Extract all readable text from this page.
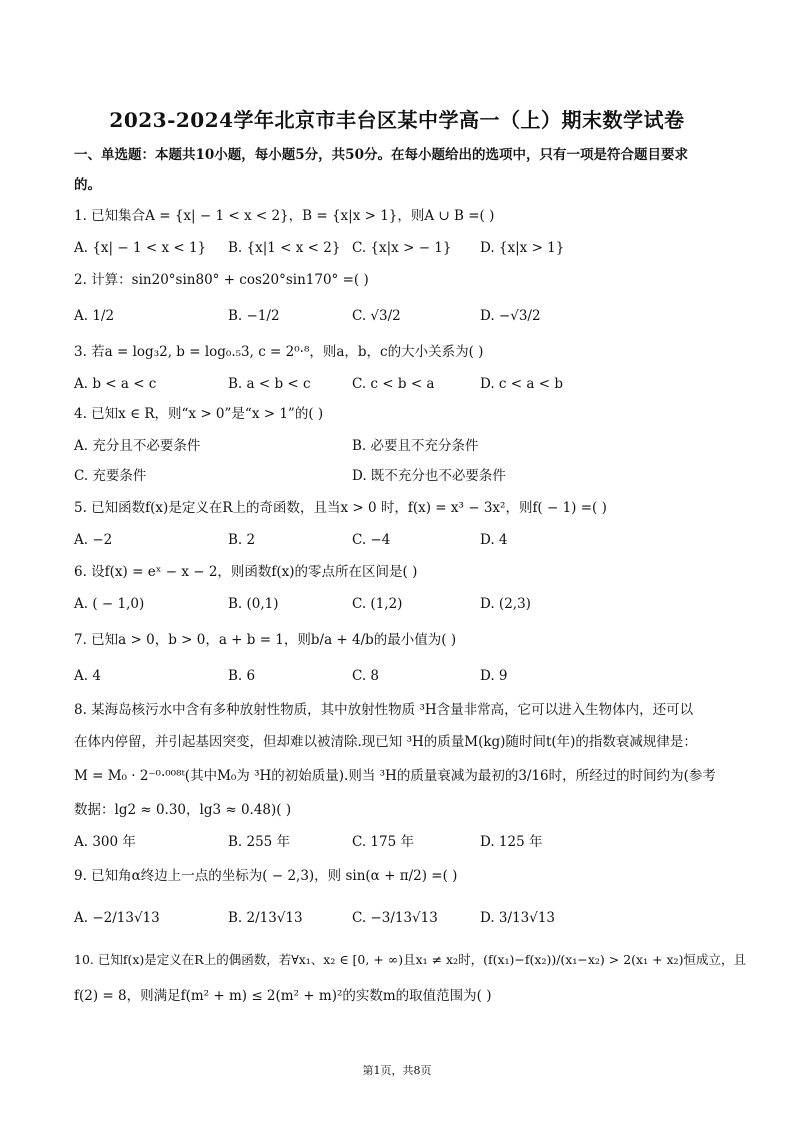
2023-2024学年北京市丰台区某中学高一（上）期末数学试卷
一、单选题：本题共10小题，每小题5分，共50分。在每小题给出的选项中，只有一项是符合题目要求
的。
1. 已知集合A = {x| − 1 < x < 2}，B = {x|x > 1}，则A ∪ B =( )
A. {x| − 1 < x < 1} B. {x|1 < x < 2} C. {x|x > − 1} D. {x|x > 1}
2. 计算：sin20°sin80° + cos20°sin170° =( )
A. 1/2	B. −1/2	C. √3/2	D. −√3/2
3. 若a = log₃2, b = log₀.₅3, c = 2⁰·⁸，则a，b，c的大小关系为( )
A. b < a < c	B. a < b < c	C. c < b < a	D. c < a < b
4. 已知x ∈ R，则“x > 0”是“x > 1”的( )
A. 充分且不必要条件	B. 必要且不充分条件
C. 充要条件	D. 既不充分也不必要条件
5. 已知函数f(x)是定义在R上的奇函数，且当x > 0 时，f(x) = x³ − 3x²，则f( − 1) =( )
A. −2	B. 2	C. −4	D. 4
6. 设f(x) = eˣ − x − 2，则函数f(x)的零点所在区间是( )
A. ( − 1,0)	B. (0,1)	C. (1,2)	D. (2,3)
7. 已知a > 0，b > 0，a + b = 1，则b/a + 4/b的最小值为( )
A. 4	B. 6	C. 8	D. 9
8. 某海岛核污水中含有多种放射性物质，其中放射性物质 ³H含量非常高，它可以进入生物体内，还可以
在体内停留，并引起基因突变，但却难以被清除.现已知 ³H的质量M(kg)随时间t(年)的指数衰减规律是：
M = M₀ · 2⁻⁰·⁰⁰⁸ᵗ(其中M₀为 ³H的初始质量).则当 ³H的质量衰减为最初的3/16时，所经过的时间约为(参考
数据：lg2 ≈ 0.30，lg3 ≈ 0.48)( )
A. 300 年	B. 255 年	C. 175 年	D. 125 年
9. 已知角α终边上一点的坐标为( − 2,3)，则 sin(α + π/2) =( )
A. −2/13√13	B. 2/13√13	C. −3/13√13	D. 3/13√13
10. 已知f(x)是定义在R上的偶函数，若∀x₁、x₂ ∈ [0, + ∞)且x₁ ≠ x₂时，(f(x₁)−f(x₂))/(x₁−x₂) > 2(x₁ + x₂)恒成立，且
f(2) = 8，则满足f(m² + m) ≤ 2(m² + m)²的实数m的取值范围为( )
第1页，共8页
